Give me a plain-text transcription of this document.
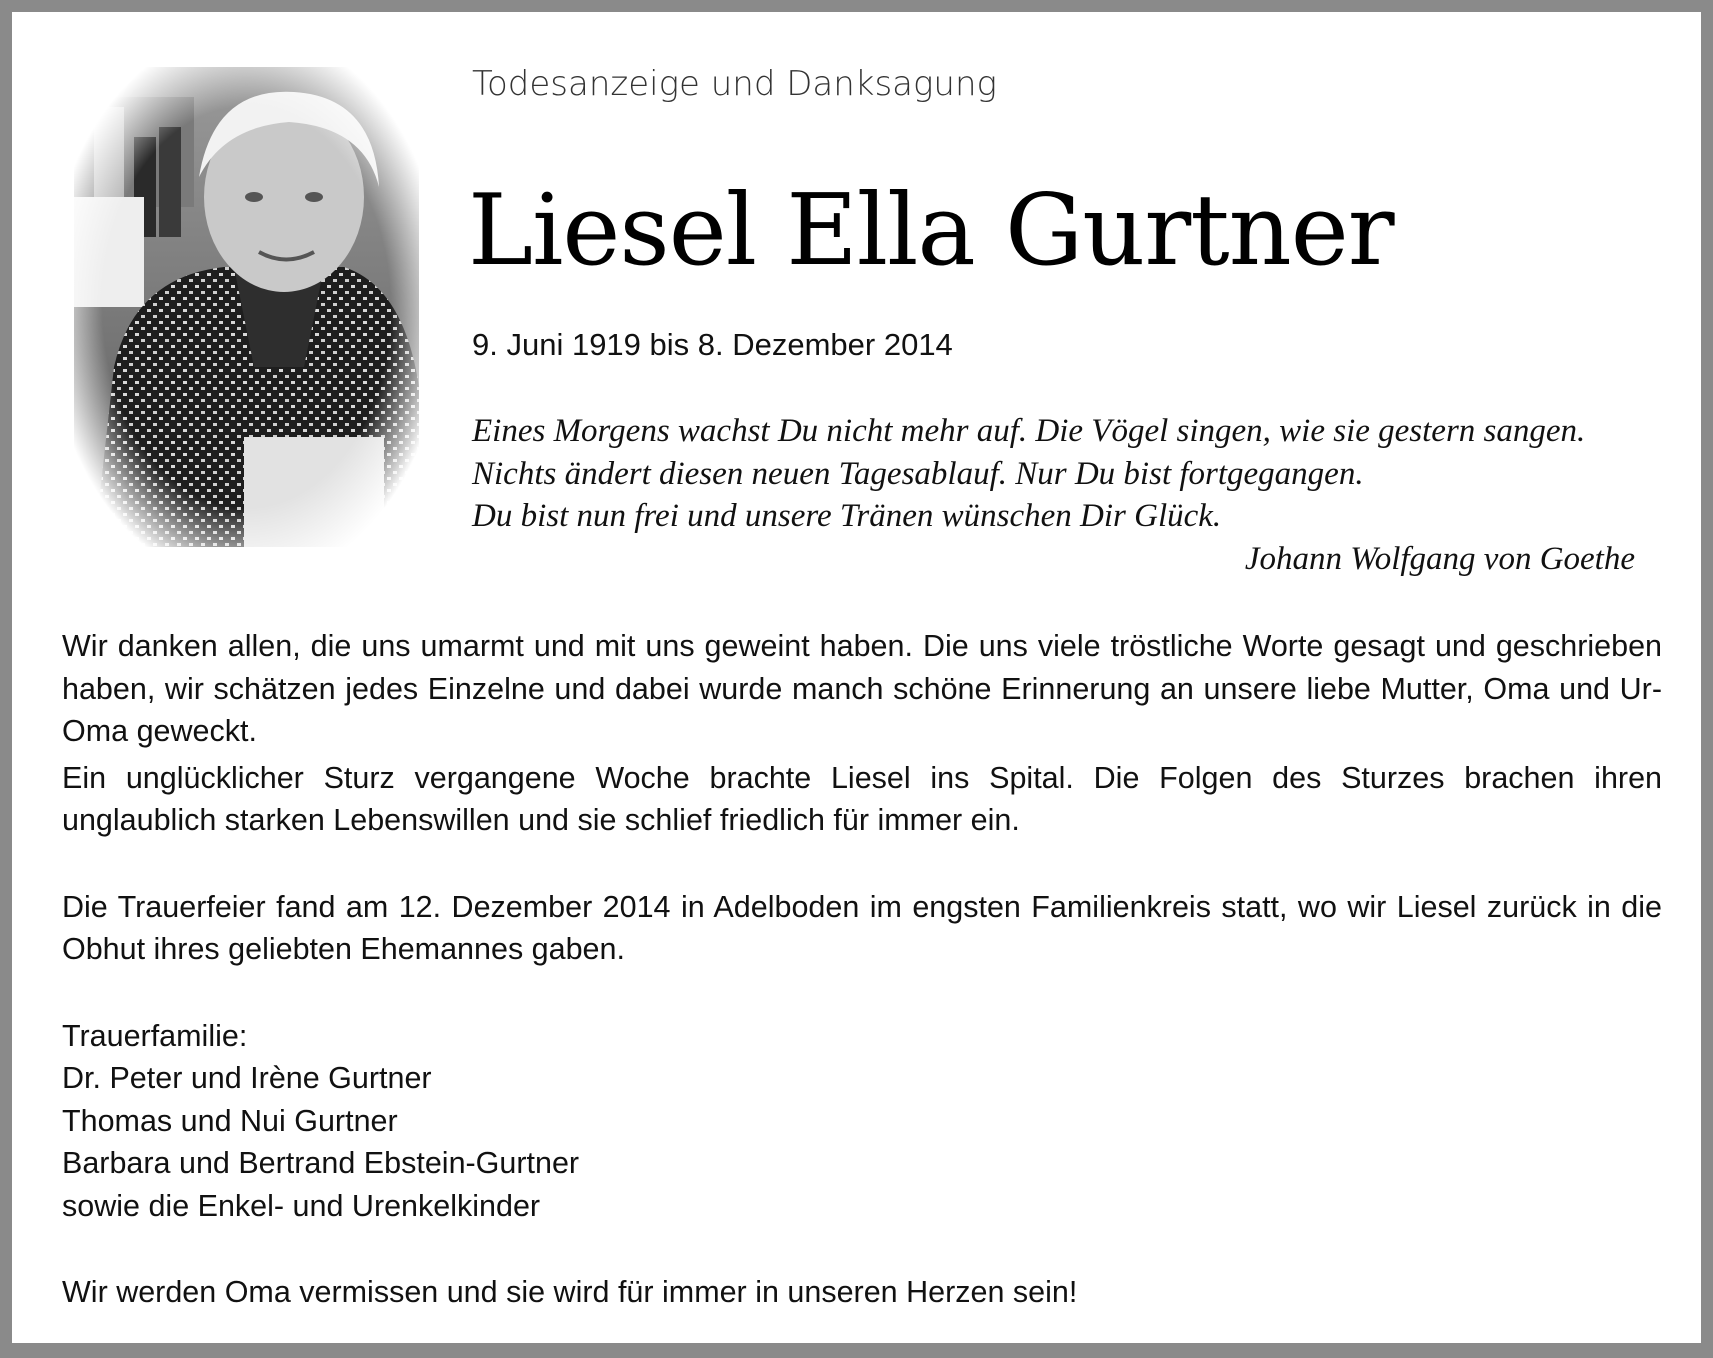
Todesanzeige und Danksagung
Liesel Ella Gurtner
9. Juni 1919 bis 8. Dezember 2014
Eines Morgens wachst Du nicht mehr auf. Die Vögel singen, wie sie gestern sangen.
Nichts ändert diesen neuen Tagesablauf. Nur Du bist fortgegangen.
Du bist nun frei und unsere Tränen wünschen Dir Glück.
Johann Wolfgang von Goethe

Wir danken allen, die uns umarmt und mit uns geweint haben. Die uns viele tröstliche Worte gesagt und geschrieben haben, wir schätzen jedes Einzelne und dabei wurde manch schöne Erinnerung an unsere liebe Mutter, Oma und Ur-Oma geweckt.

Ein unglücklicher Sturz vergangene Woche brachte Liesel ins Spital. Die Folgen des Sturzes brachen ihren unglaublich starken Lebenswillen und sie schlief friedlich für immer ein.

Die Trauerfeier fand am 12. Dezember 2014 in Adelboden im engsten Familienkreis statt, wo wir Liesel zurück in die Obhut ihres geliebten Ehemannes gaben.

Trauerfamilie:
Dr. Peter und Irène Gurtner
Thomas und Nui Gurtner
Barbara und Bertrand Ebstein-Gurtner
sowie die Enkel- und Urenkelkinder
Wir werden Oma vermissen und sie wird für immer in unseren Herzen sein!
